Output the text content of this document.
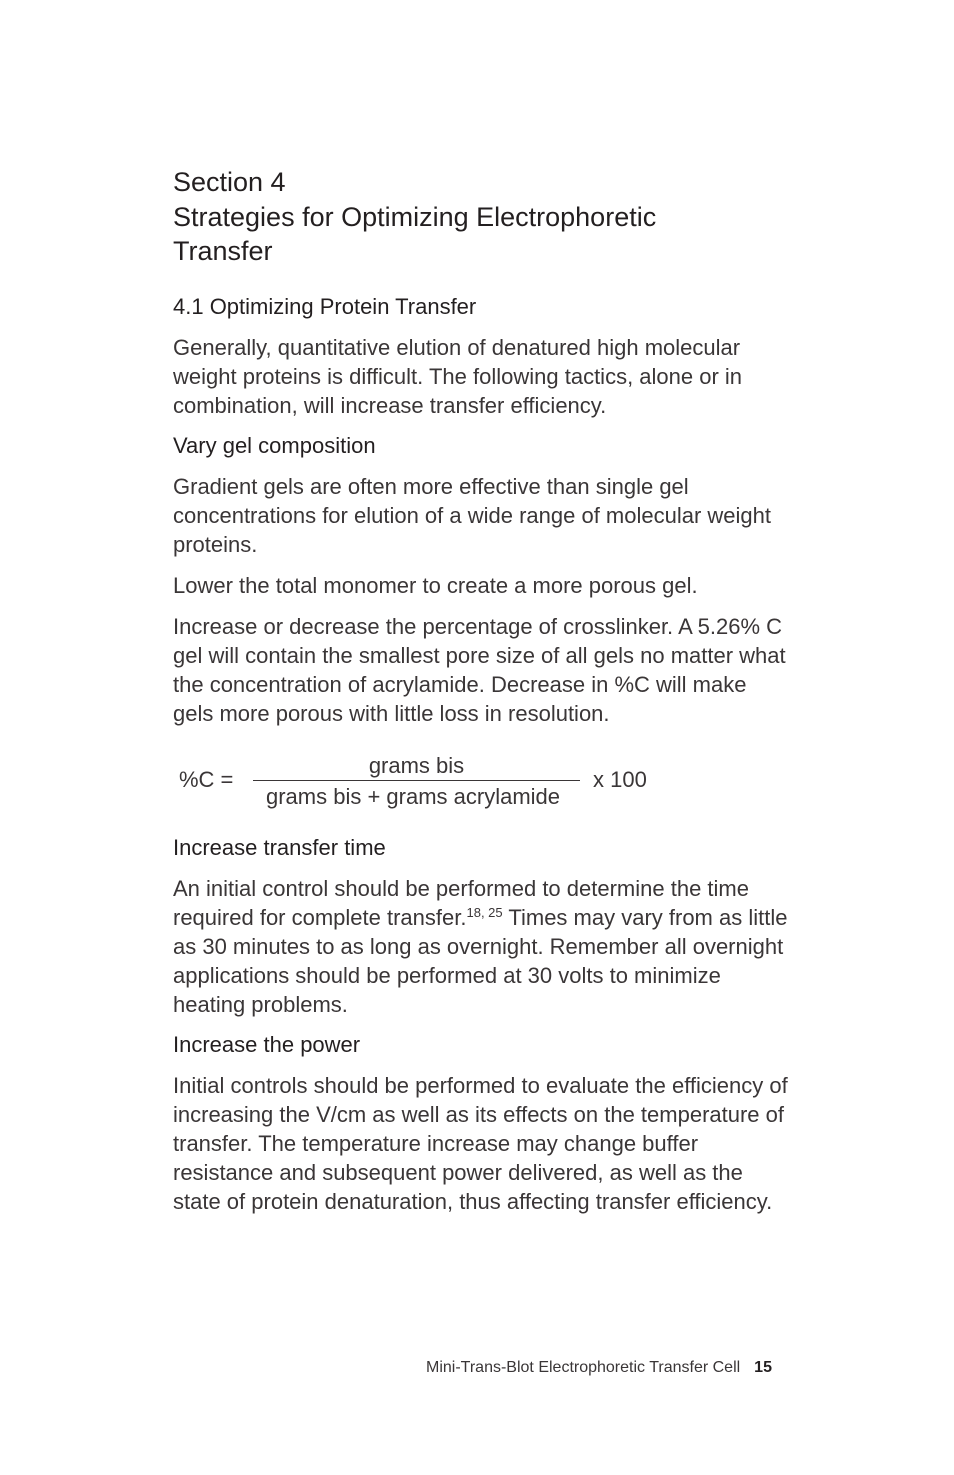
Section 4
Strategies for Optimizing Electrophoretic
Transfer
4.1 Optimizing Protein Transfer

Generally, quantitative elution of denatured high molecular weight proteins is difficult. The following tactics, alone or in combination, will increase transfer efficiency.

Vary gel composition

Gradient gels are often more effective than single gel concentrations for elution of a wide range of molecular weight proteins.

Lower the total monomer to create a more porous gel.

Increase or decrease the percentage of crosslinker. A 5.26% C gel will contain the smallest pore size of all gels no matter what the concentration of acrylamide. Decrease in %C will make gels more porous with little loss in resolution.

%C =
grams bis
grams bis + grams acrylamide
x 100
Increase transfer time

An initial control should be performed to determine the time required for complete transfer.$^{18, 25}$ Times may vary from as little as 30 minutes to as long as overnight. Remember all overnight applications should be performed at 30 volts to minimize heating problems.

Increase the power

Initial controls should be performed to evaluate the efficiency of increasing the V/cm as well as its effects on the temperature of transfer. The temperature increase may change buffer resistance and subsequent power delivered, as well as the state of protein denaturation, thus affecting transfer efficiency.

Mini-Trans-Blot Electrophoretic Transfer Cell 15
